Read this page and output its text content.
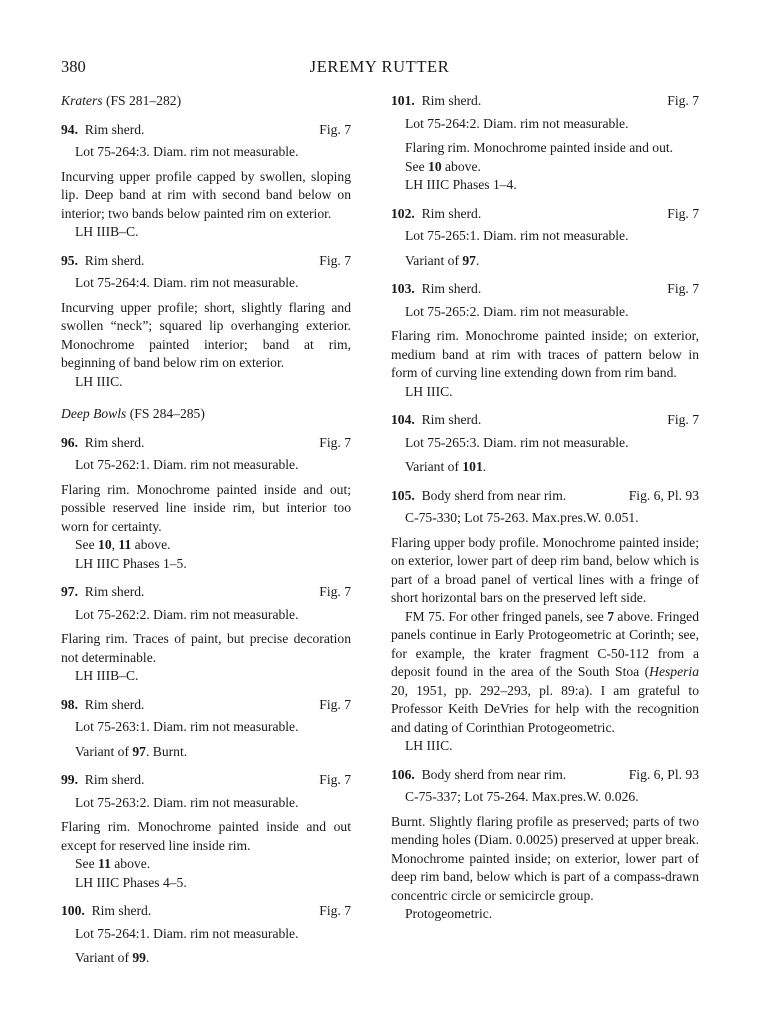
380	JEREMY RUTTER
Kraters (FS 281–282)
94. Rim sherd.	Fig. 7
Lot 75-264:3. Diam. rim not measurable.
Incurving upper profile capped by swollen, sloping lip. Deep band at rim with second band below on interior; two bands below painted rim on exterior.
LH IIIB–C.
95. Rim sherd.	Fig. 7
Lot 75-264:4. Diam. rim not measurable.
Incurving upper profile; short, slightly flaring and swollen “neck”; squared lip overhanging exterior. Monochrome painted interior; band at rim, beginning of band below rim on exterior.
LH IIIC.
Deep Bowls (FS 284–285)
96. Rim sherd.	Fig. 7
Lot 75-262:1. Diam. rim not measurable.
Flaring rim. Monochrome painted inside and out; possible reserved line inside rim, but interior too worn for certainty.
See 10, 11 above.
LH IIIC Phases 1–5.
97. Rim sherd.	Fig. 7
Lot 75-262:2. Diam. rim not measurable.
Flaring rim. Traces of paint, but precise decoration not determinable.
LH IIIB–C.
98. Rim sherd.	Fig. 7
Lot 75-263:1. Diam. rim not measurable.
Variant of 97. Burnt.
99. Rim sherd.	Fig. 7
Lot 75-263:2. Diam. rim not measurable.
Flaring rim. Monochrome painted inside and out except for reserved line inside rim.
See 11 above.
LH IIIC Phases 4–5.
100. Rim sherd.	Fig. 7
Lot 75-264:1. Diam. rim not measurable.
Variant of 99.
101. Rim sherd.	Fig. 7
Lot 75-264:2. Diam. rim not measurable.
Flaring rim. Monochrome painted inside and out.
See 10 above.
LH IIIC Phases 1–4.
102. Rim sherd.	Fig. 7
Lot 75-265:1. Diam. rim not measurable.
Variant of 97.
103. Rim sherd.	Fig. 7
Lot 75-265:2. Diam. rim not measurable.
Flaring rim. Monochrome painted inside; on exterior, medium band at rim with traces of pattern below in form of curving line extending down from rim band.
LH IIIC.
104. Rim sherd.	Fig. 7
Lot 75-265:3. Diam. rim not measurable.
Variant of 101.
105. Body sherd from near rim.	Fig. 6, Pl. 93
C-75-330; Lot 75-263. Max.pres.W. 0.051.
Flaring upper body profile. Monochrome painted inside; on exterior, lower part of deep rim band, below which is part of a broad panel of vertical lines with a fringe of short horizontal bars on the preserved left side.
FM 75. For other fringed panels, see 7 above. Fringed panels continue in Early Protogeometric at Corinth; see, for example, the krater fragment C-50-112 from a deposit found in the area of the South Stoa (Hesperia 20, 1951, pp. 292–293, pl. 89:a). I am grateful to Professor Keith DeVries for help with the recognition and dating of Corinthian Protogeometric.
LH IIIC.
106. Body sherd from near rim.	Fig. 6, Pl. 93
C-75-337; Lot 75-264. Max.pres.W. 0.026.
Burnt. Slightly flaring profile as preserved; parts of two mending holes (Diam. 0.0025) preserved at upper break. Monochrome painted inside; on exterior, lower part of deep rim band, below which is part of a compass-drawn concentric circle or semicircle group.
Protogeometric.
